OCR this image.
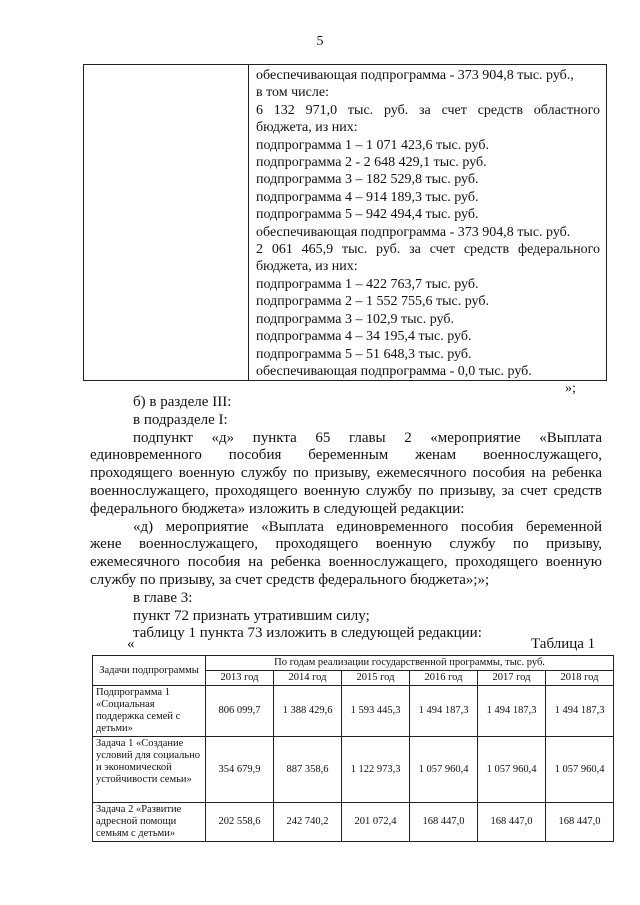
5

обеспечивающая подпрограмма - 373 904,8 тыс. руб.,
в том числе:
6 132 971,0 тыс. руб. за счет средств областного
бюджета, из них:
подпрограмма 1 – 1 071 423,6 тыс. руб.
подпрограмма 2 - 2 648 429,1 тыс. руб.
подпрограмма 3 – 182 529,8 тыс. руб.
подпрограмма 4 – 914 189,3 тыс. руб.
подпрограмма 5 – 942 494,4 тыс. руб.
обеспечивающая подпрограмма - 373 904,8 тыс. руб.
2 061 465,9 тыс. руб. за счет средств федерального
бюджета, из них:
подпрограмма 1 – 422 763,7 тыс. руб.
подпрограмма 2 – 1 552 755,6 тыс. руб.
подпрограмма 3 – 102,9 тыс. руб.
подпрограмма 4 – 34 195,4 тыс. руб.
подпрограмма 5 – 51 648,3 тыс. руб.
обеспечивающая подпрограмма - 0,0 тыс. руб.
»;

б) в разделе III:

в подразделе I:

подпункт «д» пункта 65 главы 2 «мероприятие «Выплата

единовременного пособия беременным женам военнослужащего,

проходящего военную службу по призыву, ежемесячного пособия на ребенка

военнослужащего, проходящего военную службу по призыву, за счет средств

федерального бюджета» изложить в следующей редакции:

«д) мероприятие «Выплата единовременного пособия беременной

жене военнослужащего, проходящего военную службу по призыву,

ежемесячного пособия на ребенка военнослужащего, проходящего военную

службу по призыву, за счет средств федерального бюджета»;»;

в главе 3:

пункт 72 признать утратившим силу;

таблицу 1 пункта 73 изложить в следующей редакции:

«	Таблица 1
Задачи подпрограммы	По годам реализации государственной программы, тыс. руб.					
	2013 год	2014 год	2015 год	2016 год	2017 год	2018 год
Подпрограмма 1 «Социальная поддержка семей с детьми»	806 099,7	1 388 429,6	1 593 445,3	1 494 187,3	1 494 187,3	1 494 187,3
Задача 1 «Создание условий для социально и экономической устойчивости семьи»	354 679,9	887 358,6	1 122 973,3	1 057 960,4	1 057 960,4	1 057 960,4
Задача 2 «Развитие адресной помощи семьям с детьми»	202 558,6	242 740,2	201 072,4	168 447,0	168 447,0	168 447,0
